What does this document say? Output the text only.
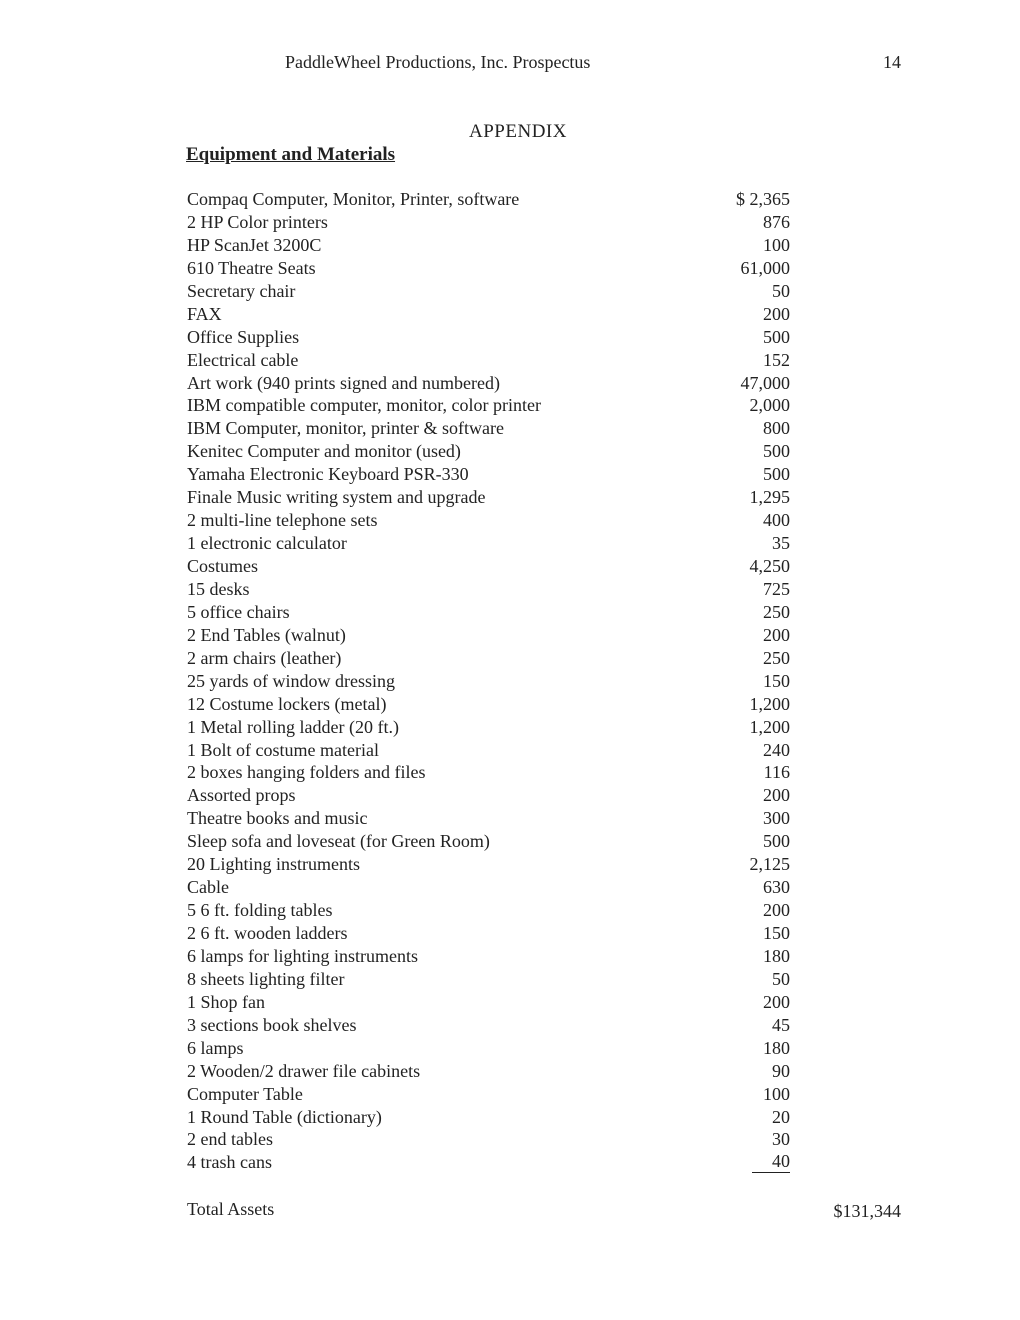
PaddleWheel Productions, Inc. Prospectus	14
APPENDIX
Equipment and Materials
Compaq Computer, Monitor, Printer, software	$ 2,365
2 HP Color printers	876
HP ScanJet 3200C	100
610 Theatre Seats	61,000
Secretary chair	50
FAX	200
Office Supplies	500
Electrical cable	152
Art work (940 prints signed and numbered)	47,000
IBM compatible computer, monitor, color printer	2,000
IBM Computer, monitor, printer & software	800
Kenitec Computer and monitor (used)	500
Yamaha Electronic Keyboard PSR-330	500
Finale Music writing system and upgrade	1,295
2 multi-line telephone sets	400
1 electronic calculator	35
Costumes	4,250
15 desks	725
5 office chairs	250
2 End Tables (walnut)	200
2 arm chairs (leather)	250
25 yards of window dressing	150
12 Costume lockers (metal)	1,200
1 Metal rolling ladder (20 ft.)	1,200
1 Bolt of costume material	240
2 boxes hanging folders and files	116
Assorted props	200
Theatre books and music	300
Sleep sofa and loveseat (for Green Room)	500
20 Lighting instruments	2,125
Cable	630
5 6 ft. folding tables	200
2 6 ft. wooden ladders	150
6 lamps for lighting instruments	180
8 sheets lighting filter	50
1 Shop fan	200
3 sections book shelves	45
6 lamps	180
2 Wooden/2 drawer file cabinets	90
Computer Table	100
1 Round Table (dictionary)	20
2 end tables	30
4 trash cans	40
Total Assets	$131,344
